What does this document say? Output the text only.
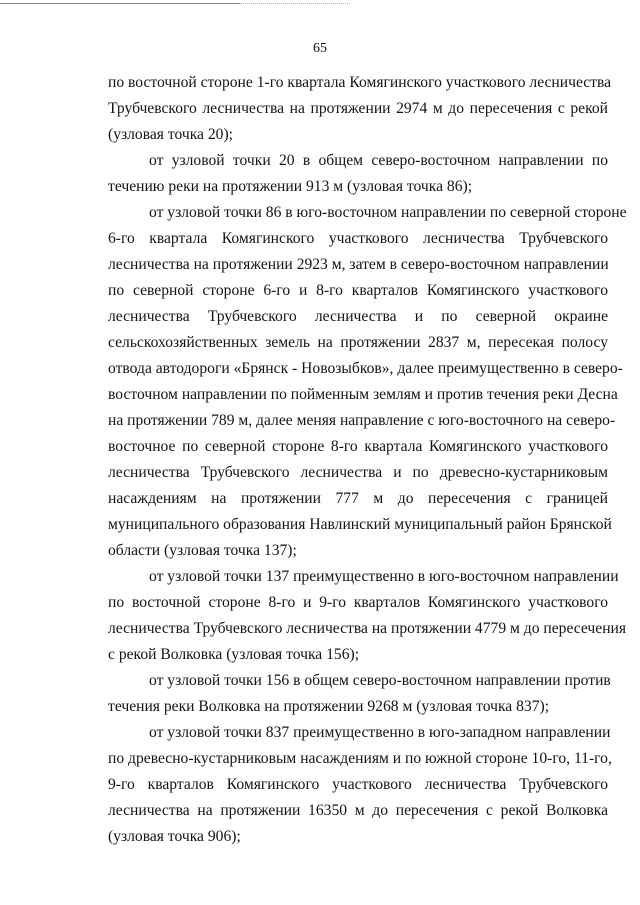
65
по восточной стороне 1-го квартала Комягинского участкового лесничества
Трубчевского лесничества на протяжении 2974 м до пересечения с рекой
(узловая точка 20);
от узловой точки 20 в общем северо-восточном направлении по
течению реки на протяжении 913 м (узловая точка 86);
от узловой точки 86 в юго-восточном направлении по северной стороне
6-го квартала Комягинского участкового лесничества Трубчевского
лесничества на протяжении 2923 м, затем в северо-восточном направлении
по северной стороне 6-го и 8-го кварталов Комягинского участкового
лесничества Трубчевского лесничества и по северной окраине
сельскохозяйственных земель на протяжении 2837 м, пересекая полосу
отвода автодороги «Брянск - Новозыбков», далее преимущественно в северо-
восточном направлении по пойменным землям и против течения реки Десна
на протяжении 789 м, далее меняя направление с юго-восточного на северо-
восточное по северной стороне 8-го квартала Комягинского участкового
лесничества Трубчевского лесничества и по древесно-кустарниковым
насаждениям на протяжении 777 м до пересечения с границей
муниципального образования Навлинский муниципальный район Брянской
области (узловая точка 137);
от узловой точки 137 преимущественно в юго-восточном направлении
по восточной стороне 8-го и 9-го кварталов Комягинского участкового
лесничества Трубчевского лесничества на протяжении 4779 м до пересечения
с рекой Волковка (узловая точка 156);
от узловой точки 156 в общем северо-восточном направлении против
течения реки Волковка на протяжении 9268 м (узловая точка 837);
от узловой точки 837 преимущественно в юго-западном направлении
по древесно-кустарниковым насаждениям и по южной стороне 10-го, 11-го,
9-го кварталов Комягинского участкового лесничества Трубчевского
лесничества на протяжении 16350 м до пересечения с рекой Волковка
(узловая точка 906);
